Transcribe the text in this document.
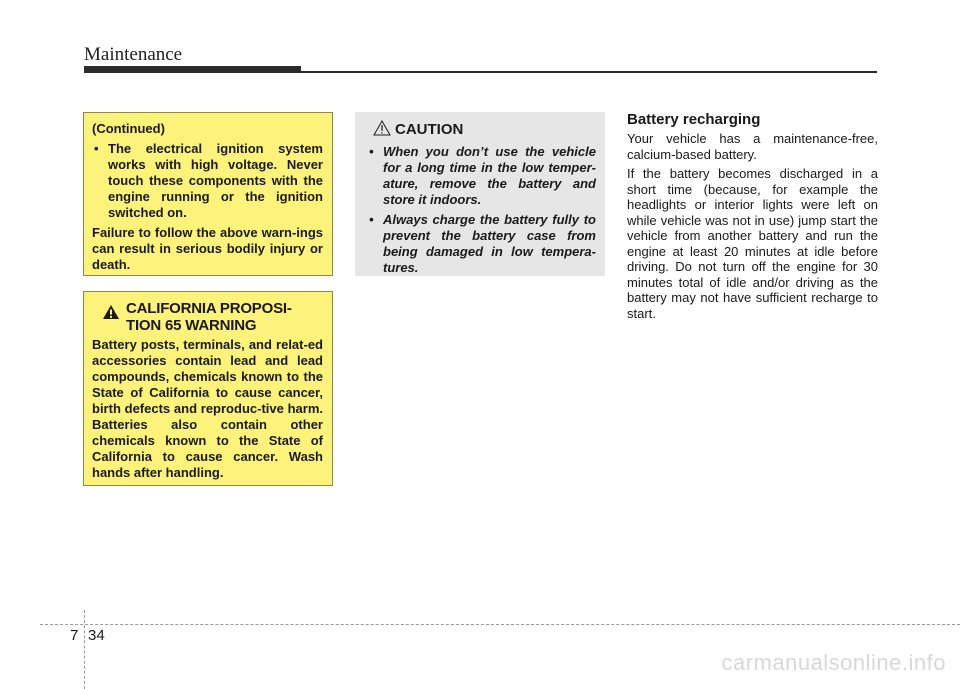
Maintenance

(Continued)

• The electrical ignition system works with high voltage. Never touch these components with the engine running or the ignition switched on.

Failure to follow the above warn-ings can result in serious bodily injury or death.

CALIFORNIA PROPOSI-TION 65 WARNING

Battery posts, terminals, and relat-ed accessories contain lead and lead compounds, chemicals known to the State of California to cause cancer, birth defects and reproduc-tive harm. Batteries also contain other chemicals known to the State of California to cause cancer. Wash hands after handling.

CAUTION
• When you don’t use the vehicle for a long time in the low temper-ature, remove the battery and store it indoors.
• Always charge the battery fully to prevent the battery case from being damaged in low tempera-tures.
Battery recharging

Your vehicle has a maintenance-free, calcium-based battery.

If the battery becomes discharged in a short time (because, for example the headlights or interior lights were left on while vehicle was not in use) jump start the vehicle from another battery and run the engine at least 20 minutes at idle before driving. Do not turn off the engine for 30 minutes total of idle and/or driving as the battery may not have sufficient recharge to start.

7 34
carmanualsonline.info
